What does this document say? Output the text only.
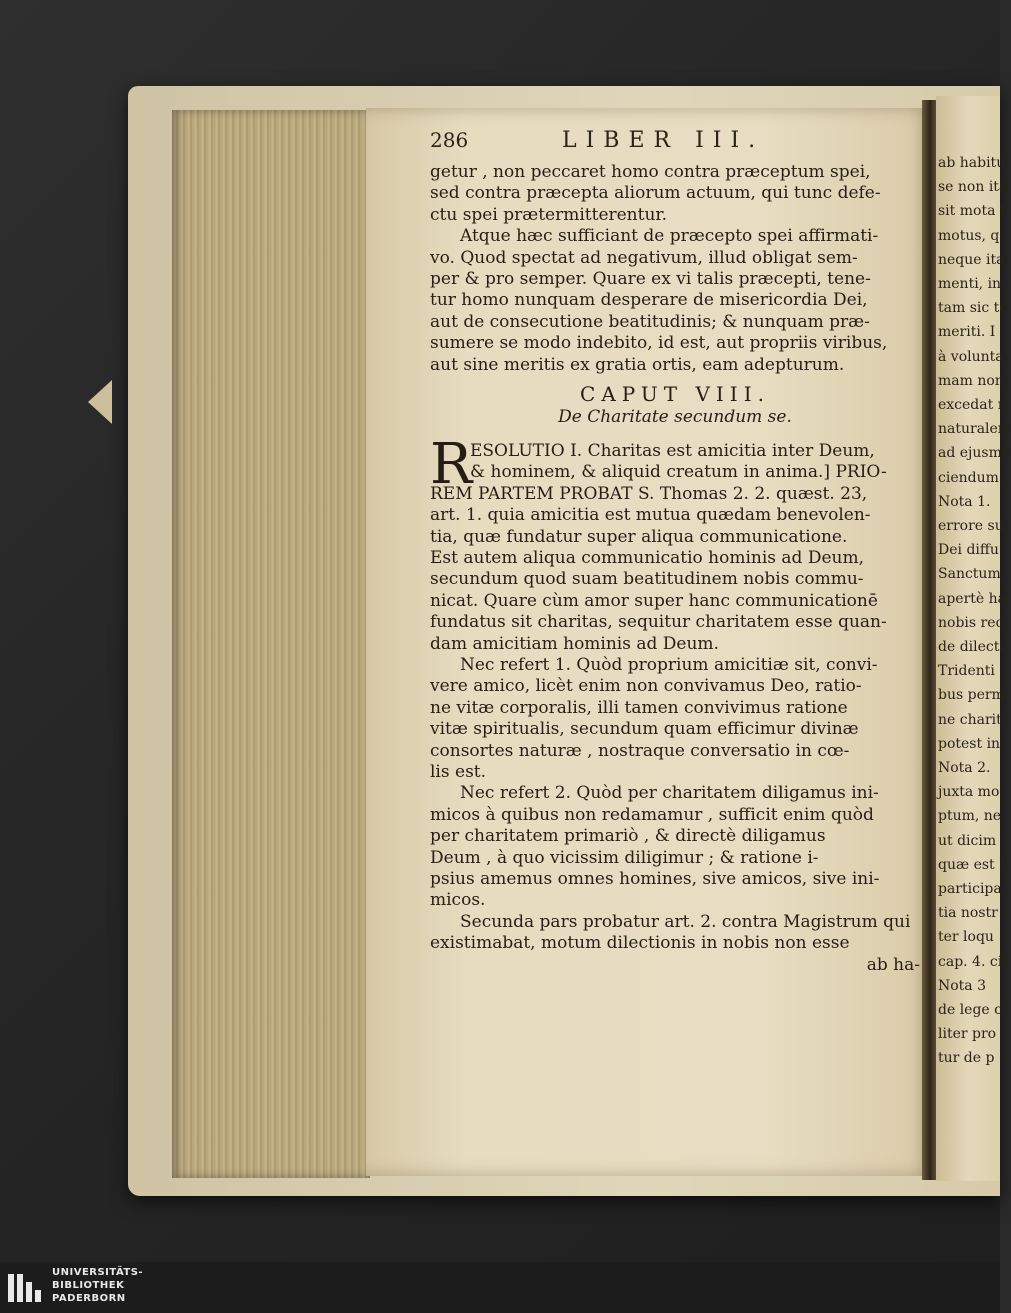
ab habitu
se non ita
sit mota t
motus, q
neque ita
menti, in
tam sic to
meriti. I
à volunta
mam non
excedat n
naturalem
ad ejusmo
ciendum.
Nota 1.
errore su
Dei diffu
Sanctum
apertè ha
nobis rec
de dilecti
Tridenti
bus perm
ne charit
potest in
Nota 2.
juxta mo
ptum, ne
ut dicim
quæ est I
participa
tia nostr
ter loqu
cap. 4. cir
Nota 3
de lege c
liter pro
tur de p
286	LIBER III.
getur , non peccaret homo contra præceptum spei,
sed contra præcepta aliorum actuum, qui tunc defe-
ctu spei prætermitterentur.
Atque hæc sufficiant de præcepto spei affirmati-
vo. Quod spectat ad negativum, illud obligat sem-
per & pro semper. Quare ex vi talis præcepti, tene-
tur homo nunquam desperare de misericordia Dei,
aut de consecutione beatitudinis; & nunquam præ-
sumere se modo indebito, id est, aut propriis viribus,
aut sine meritis ex gratia ortis, eam adepturum.
CAPUT VIII.
De Charitate secundum se.
R
ESOLUTIO I. Charitas est amicitia inter Deum,
& hominem, & aliquid creatum in anima.] PRIO-
REM PARTEM PROBAT S. Thomas 2. 2. quæst. 23,
art. 1. quia amicitia est mutua quædam benevolen-
tia, quæ fundatur super aliqua communicatione.
Est autem aliqua communicatio hominis ad Deum,
secundum quod suam beatitudinem nobis commu-
nicat. Quare cùm amor super hanc communicationē
fundatus sit charitas, sequitur charitatem esse quan-
dam amicitiam hominis ad Deum.
Nec refert 1. Quòd proprium amicitiæ sit, convi-
vere amico, licèt enim non convivamus Deo, ratio-
ne vitæ corporalis, illi tamen convivimus ratione
vitæ spiritualis, secundum quam efficimur divinæ
consortes naturæ , nostraque conversatio in cœ-
lis est.
Nec refert 2. Quòd per charitatem diligamus ini-
micos à quibus non redamamur , sufficit enim quòd
per charitatem primariò , & directè diligamus
Deum , à quo vicissim diligimur ; & ratione i-
psius amemus omnes homines, sive amicos, sive ini-
micos.
Secunda pars probatur art. 2. contra Magistrum qui
existimabat, motum dilectionis in nobis non esse
ab ha-
UNIVERSITÄTS-
BIBLIOTHEK
PADERBORN
